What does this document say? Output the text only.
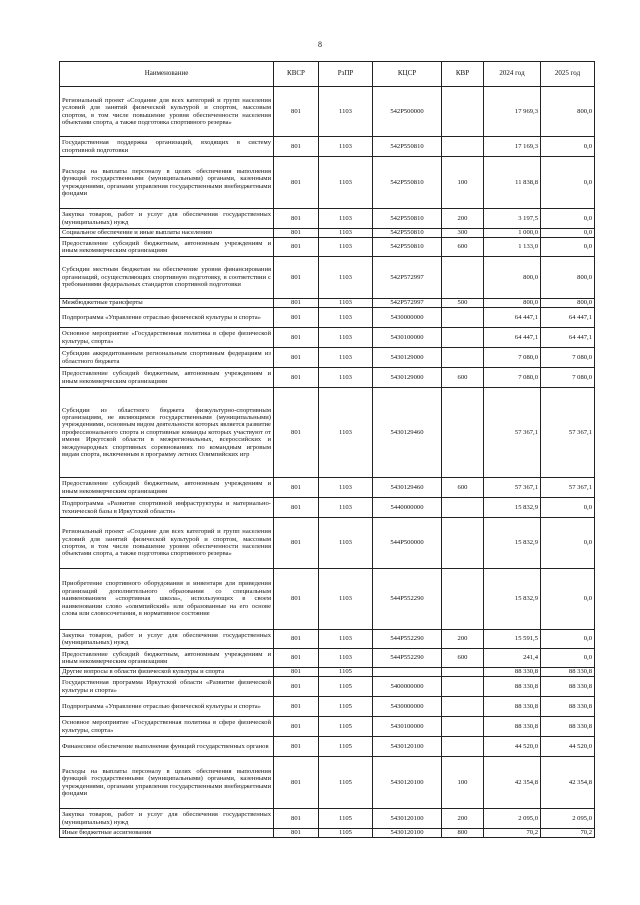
8
Наименование	КВСР	РзПР	КЦСР	КВР	2024 год	2025 год
Региональный проект «Создание для всех категорий и групп населения условий для занятий физической культурой и спортом, массовым спортом, в том числе повышение уровня обеспеченности населения объектами спорта, а также подготовка спортивного резерва»	801	1103	542P500000		17 969,3	800,0
Государственная поддержка организаций, входящих в систему спортивной подготовки	801	1103	542P550810		17 169,3	0,0
Расходы на выплаты персоналу в целях обеспечения выполнения функций государственными (муниципальными) органами, казенными учреждениями, органами управления государственными внебюджетными фондами	801	1103	542P550810	100	11 838,8	0,0
Закупка товаров, работ и услуг для обеспечения государственных (муниципальных) нужд	801	1103	542P550810	200	3 197,5	0,0
Социальное обеспечение и иные выплаты населению	801	1103	542P550810	300	1 000,0	0,0
Предоставление субсидий бюджетным, автономным учреждениям и иным некоммерческим организациям	801	1103	542P550810	600	1 133,0	0,0
Субсидии местным бюджетам на обеспечение уровня финансирования организаций, осуществляющих спортивную подготовку, в соответствии с требованиями федеральных стандартов спортивной подготовки	801	1103	542P572997		800,0	800,0
Межбюджетные трансферты	801	1103	542P572997	500	800,0	800,0
Подпрограмма «Управление отраслью физической культуры и спорта»	801	1103	5430000000		64 447,1	64 447,1
Основное мероприятие «Государственная политика в сфере физической культуры, спорта»	801	1103	5430100000		64 447,1	64 447,1
Субсидии аккредитованным региональным спортивным федерациям из областного бюджета	801	1103	5430129000		7 080,0	7 080,0
Предоставление субсидий бюджетным, автономным учреждениям и иным некоммерческим организациям	801	1103	5430129000	600	7 080,0	7 080,0
Субсидии из областного бюджета физкультурно-спортивным организациям, не являющимся государственными (муниципальными) учреждениями, основным видом деятельности которых является развитие профессионального спорта и спортивные команды которых участвуют от имени Иркутской области в межрегиональных, всероссийских и международных спортивных соревнованиях по командным игровым видам спорта, включенным в программу летних Олимпийских игр	801	1103	5430129460		57 367,1	57 367,1
Предоставление субсидий бюджетным, автономным учреждениям и иным некоммерческим организациям	801	1103	5430129460	600	57 367,1	57 367,1
Подпрограмма «Развитие спортивной инфраструктуры и материально- технической базы в Иркутской области»	801	1103	5440000000		15 832,9	0,0
Региональный проект «Создание для всех категорий и групп населения условий для занятий физической культурой и спортом, массовым спортом, в том числе повышение уровня обеспеченности населения объектами спорта, а также подготовка спортивного резерва»	801	1103	544P500000		15 832,9	0,0
Приобретение спортивного оборудования и инвентаря для приведения организаций дополнительного образования со специальным наименованием «спортивная школа», использующих в своем наименовании слово «олимпийский» или образованные на его основе слова или словосочетания, в нормативное состояние	801	1103	544P552290		15 832,9	0,0
Закупка товаров, работ и услуг для обеспечения государственных (муниципальных) нужд	801	1103	544P552290	200	15 591,5	0,0
Предоставление субсидий бюджетным, автономным учреждениям и иным некоммерческим организациям	801	1103	544P552290	600	241,4	0,0
Другие вопросы в области физической культуры и спорта	801	1105			88 330,8	88 330,8
Государственная программа Иркутской области «Развитие физической культуры и спорта»	801	1105	5400000000		88 330,8	88 330,8
Подпрограмма «Управление отраслью физической культуры и спорта»	801	1105	5430000000		88 330,8	88 330,8
Основное мероприятие «Государственная политика в сфере физической культуры, спорта»	801	1105	5430100000		88 330,8	88 330,8
Финансовое обеспечение выполнения функций государственных органов	801	1105	5430120100		44 520,0	44 520,0
Расходы на выплаты персоналу в целях обеспечения выполнения функций государственными (муниципальными) органами, казенными учреждениями, органами управления государственными внебюджетными фондами	801	1105	5430120100	100	42 354,8	42 354,8
Закупка товаров, работ и услуг для обеспечения государственных (муниципальных) нужд	801	1105	5430120100	200	2 095,0	2 095,0
Иные бюджетные ассигнования	801	1105	5430120100	800	70,2	70,2
